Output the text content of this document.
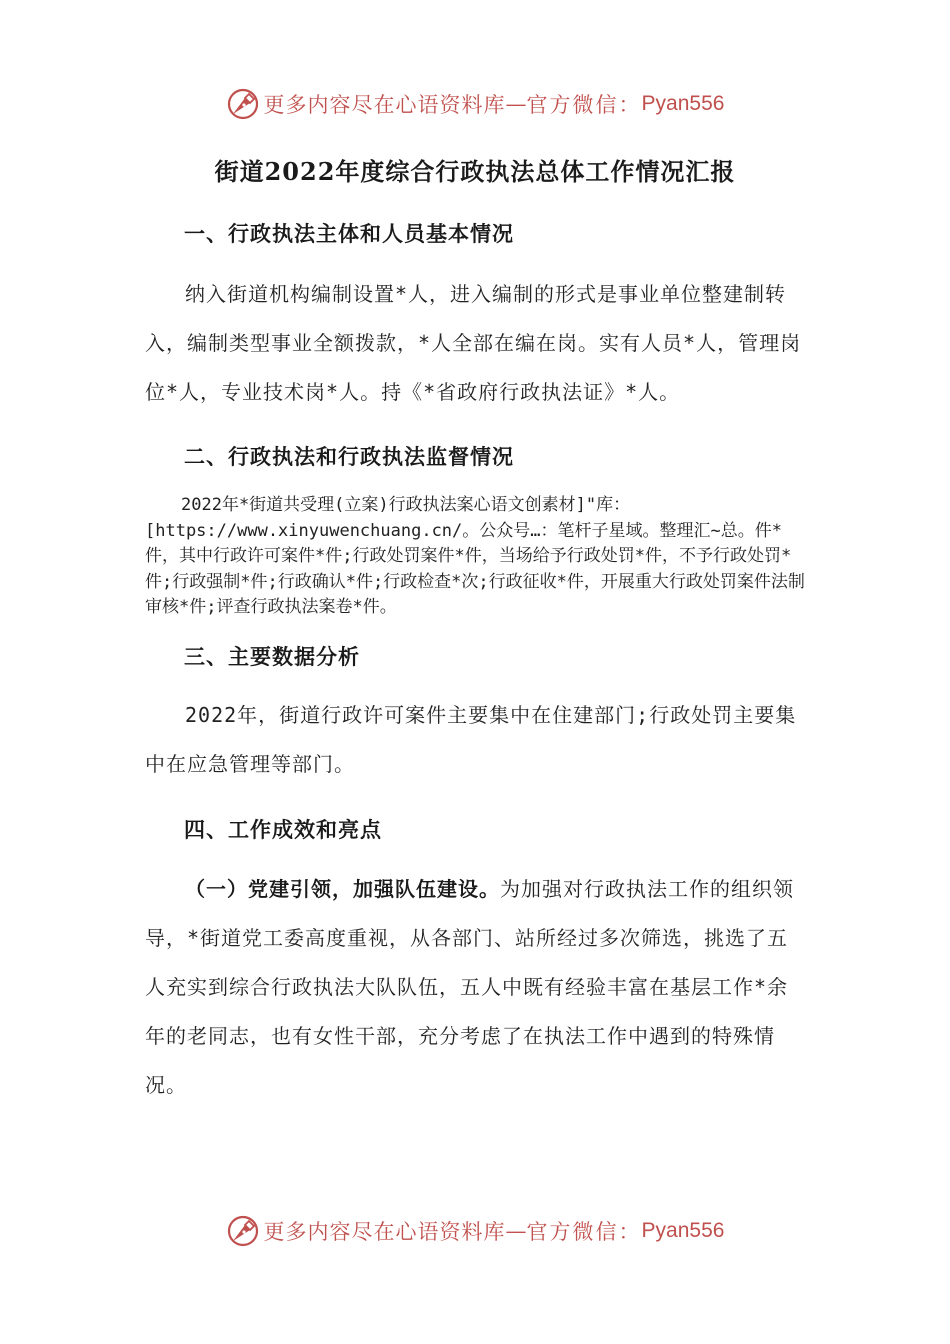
更多内容尽在心语资料库 — 官方微信： Pyan556
街道2022年度综合行政执法总体工作情况汇报
一、行政执法主体和人员基本情况

纳入街道机构编制设置*人，进入编制的形式是事业单位整建制转入，编制类型事业全额拨款，*人全部在编在岗。实有人员*人，管理岗位*人，专业技术岗*人。持《*省政府行政执法证》*人。

二、行政执法和行政执法监督情况

2022年*街道共受理(立案)行政执法案心语文创素材]"库：[https://www.xinyuwenchuang.cn/。公众号…：笔杆子星域。整理汇~总。件*件，其中行政许可案件*件;行政处罚案件*件，当场给予行政处罚*件，不予行政处罚*件;行政强制*件;行政确认*件;行政检查*次;行政征收*件，开展重大行政处罚案件法制审核*件;评查行政执法案卷*件。

三、主要数据分析

2022年，街道行政许可案件主要集中在住建部门;行政处罚主要集中在应急管理等部门。

四、工作成效和亮点

（一）党建引领，加强队伍建设。为加强对行政执法工作的组织领导，*街道党工委高度重视，从各部门、站所经过多次筛选，挑选了五人充实到综合行政执法大队队伍，五人中既有经验丰富在基层工作*余年的老同志，也有女性干部，充分考虑了在执法工作中遇到的特殊情况。

更多内容尽在心语资料库 — 官方微信： Pyan556
